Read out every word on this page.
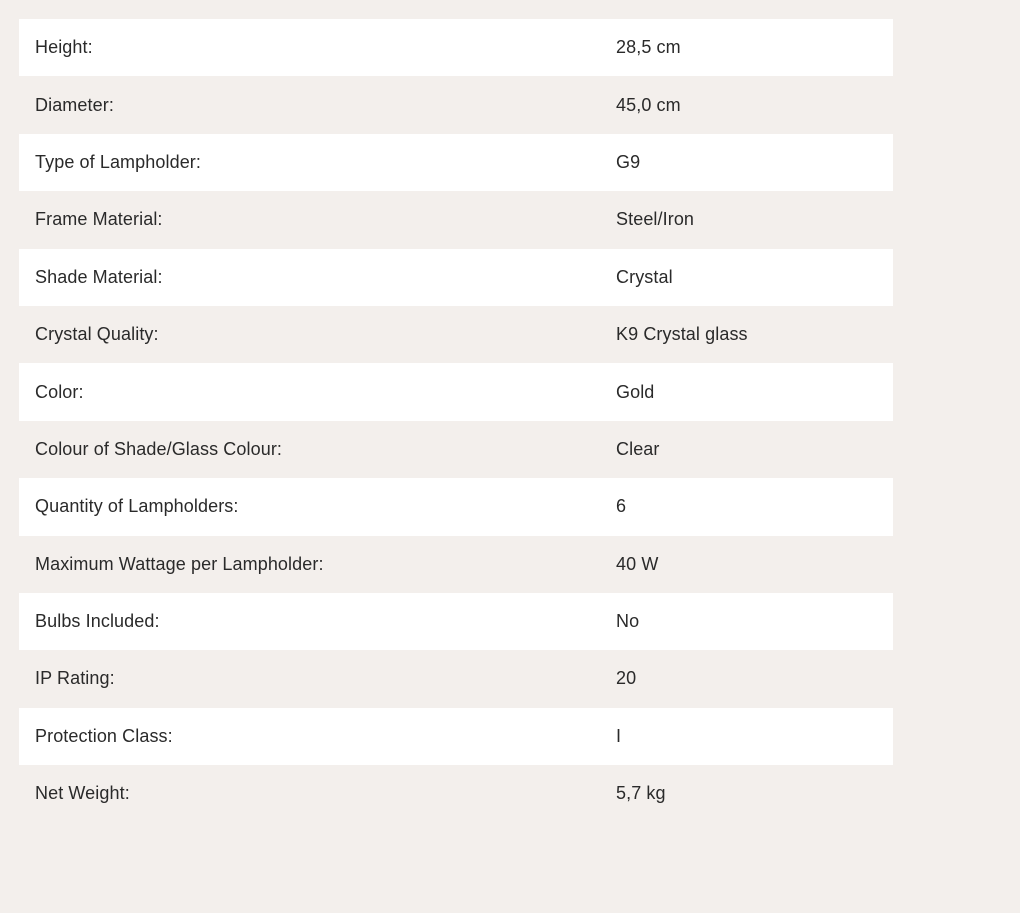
Height:	28,5 cm
Diameter:	45,0 cm
Type of Lampholder:	G9
Frame Material:	Steel/Iron
Shade Material:	Crystal
Crystal Quality:	K9 Crystal glass
Color:	Gold
Colour of Shade/Glass Colour:	Clear
Quantity of Lampholders:	6
Maximum Wattage per Lampholder:	40 W
Bulbs Included:	No
IP Rating:	20
Protection Class:	I
Net Weight:	5,7 kg
